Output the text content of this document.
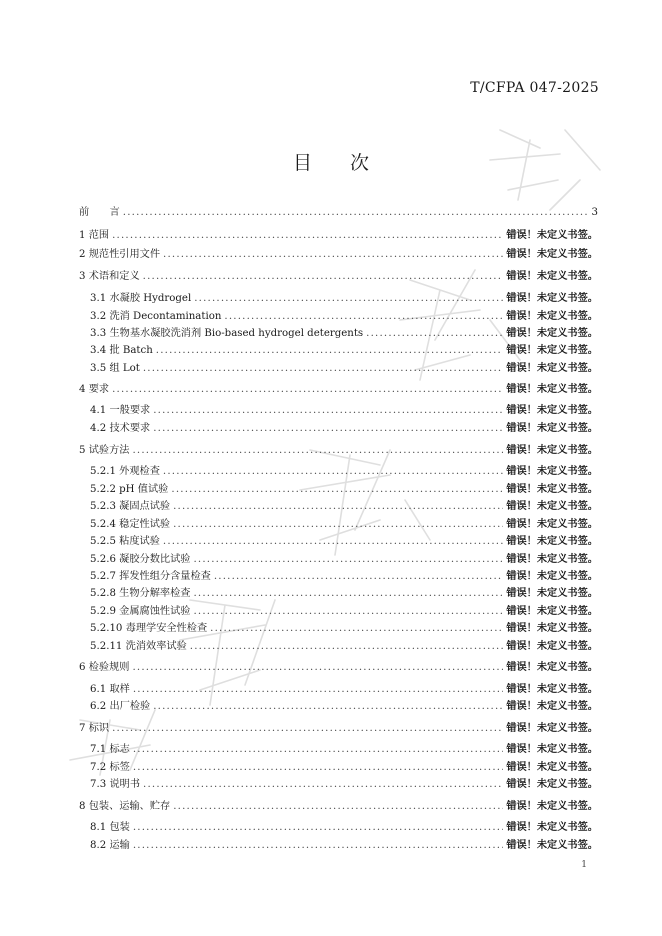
T/CFPA 047-2025
目 次
前　　言 .....	3
1 范围 .....	错误！未定义书签。
2 规范性引用文件 .....	错误！未定义书签。
3 术语和定义 .....	错误！未定义书签。
3.1 水凝胶 Hydrogel .....	错误！未定义书签。
3.2 洗消 Decontamination .....	错误！未定义书签。
3.3 生物基水凝胶洗消剂 Bio-based hydrogel detergents .....	错误！未定义书签。
3.4 批 Batch .....	错误！未定义书签。
3.5 组 Lot .....	错误！未定义书签。
4 要求 .....	错误！未定义书签。
4.1 一般要求 .....	错误！未定义书签。
4.2 技术要求 .....	错误！未定义书签。
5 试验方法 .....	错误！未定义书签。
5.2.1 外观检查 .....	错误！未定义书签。
5.2.2 pH 值试验 .....	错误！未定义书签。
5.2.3 凝固点试验 .....	错误！未定义书签。
5.2.4 稳定性试验 .....	错误！未定义书签。
5.2.5 粘度试验 .....	错误！未定义书签。
5.2.6 凝胶分数比试验 .....	错误！未定义书签。
5.2.7 挥发性组分含量检查 .....	错误！未定义书签。
5.2.8 生物分解率检查 .....	错误！未定义书签。
5.2.9 金属腐蚀性试验 .....	错误！未定义书签。
5.2.10 毒理学安全性检查 .....	错误！未定义书签。
5.2.11 洗消效率试验 .....	错误！未定义书签。
6 检验规则 .....	错误！未定义书签。
6.1 取样 .....	错误！未定义书签。
6.2 出厂检验 .....	错误！未定义书签。
7 标识 .....	错误！未定义书签。
7.1 标志 .....	错误！未定义书签。
7.2 标签 .....	错误！未定义书签。
7.3 说明书 .....	错误！未定义书签。
8 包装、运输、贮存 .....	错误！未定义书签。
8.1 包装 .....	错误！未定义书签。
8.2 运输 .....	错误！未定义书签。
1
